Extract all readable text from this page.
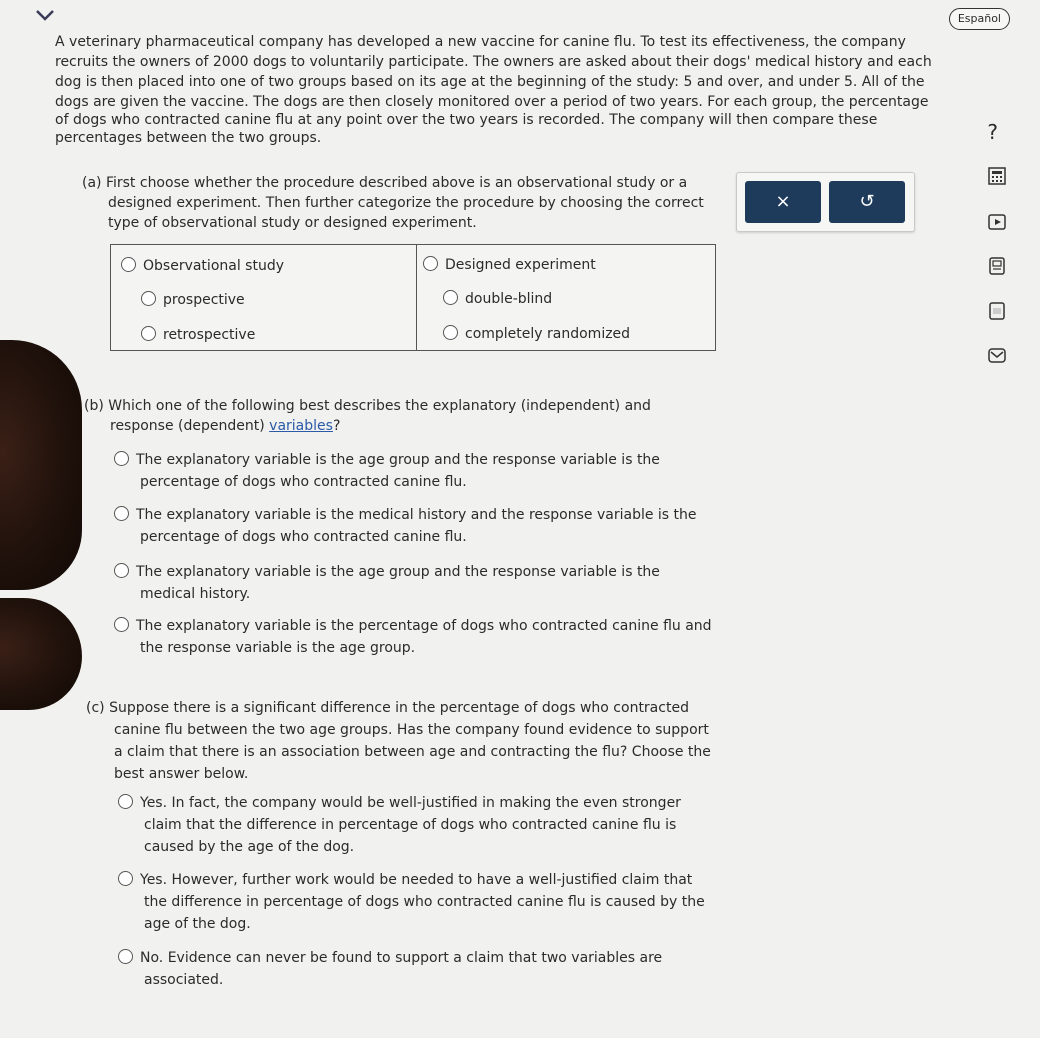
Español
A veterinary pharmaceutical company has developed a new vaccine for canine flu. To test its effectiveness, the company
recruits the owners of 2000 dogs to voluntarily participate. The owners are asked about their dogs' medical history and each
dog is then placed into one of two groups based on its age at the beginning of the study: 5 and over, and under 5. All of the
dogs are given the vaccine. The dogs are then closely monitored over a period of two years. For each group, the percentage
of dogs who contracted canine flu at any point over the two years is recorded. The company will then compare these
percentages between the two groups.	?
(a) First choose whether the procedure described above is an observational study or a
designed experiment. Then further categorize the procedure by choosing the correct
type of observational study or designed experiment.
×	↺
Observational study
prospective
retrospective
Designed experiment
double-blind
completely randomized
(b) Which one of the following best describes the explanatory (independent) and
response (dependent) variables?
The explanatory variable is the age group and the response variable is the
percentage of dogs who contracted canine flu.
The explanatory variable is the medical history and the response variable is the
percentage of dogs who contracted canine flu.
The explanatory variable is the age group and the response variable is the
medical history.
The explanatory variable is the percentage of dogs who contracted canine flu and
the response variable is the age group.
(c) Suppose there is a significant difference in the percentage of dogs who contracted
canine flu between the two age groups. Has the company found evidence to support
a claim that there is an association between age and contracting the flu? Choose the
best answer below.
Yes. In fact, the company would be well-justified in making the even stronger
claim that the difference in percentage of dogs who contracted canine flu is
caused by the age of the dog.
Yes. However, further work would be needed to have a well-justified claim that
the difference in percentage of dogs who contracted canine flu is caused by the
age of the dog.
No. Evidence can never be found to support a claim that two variables are
associated.
